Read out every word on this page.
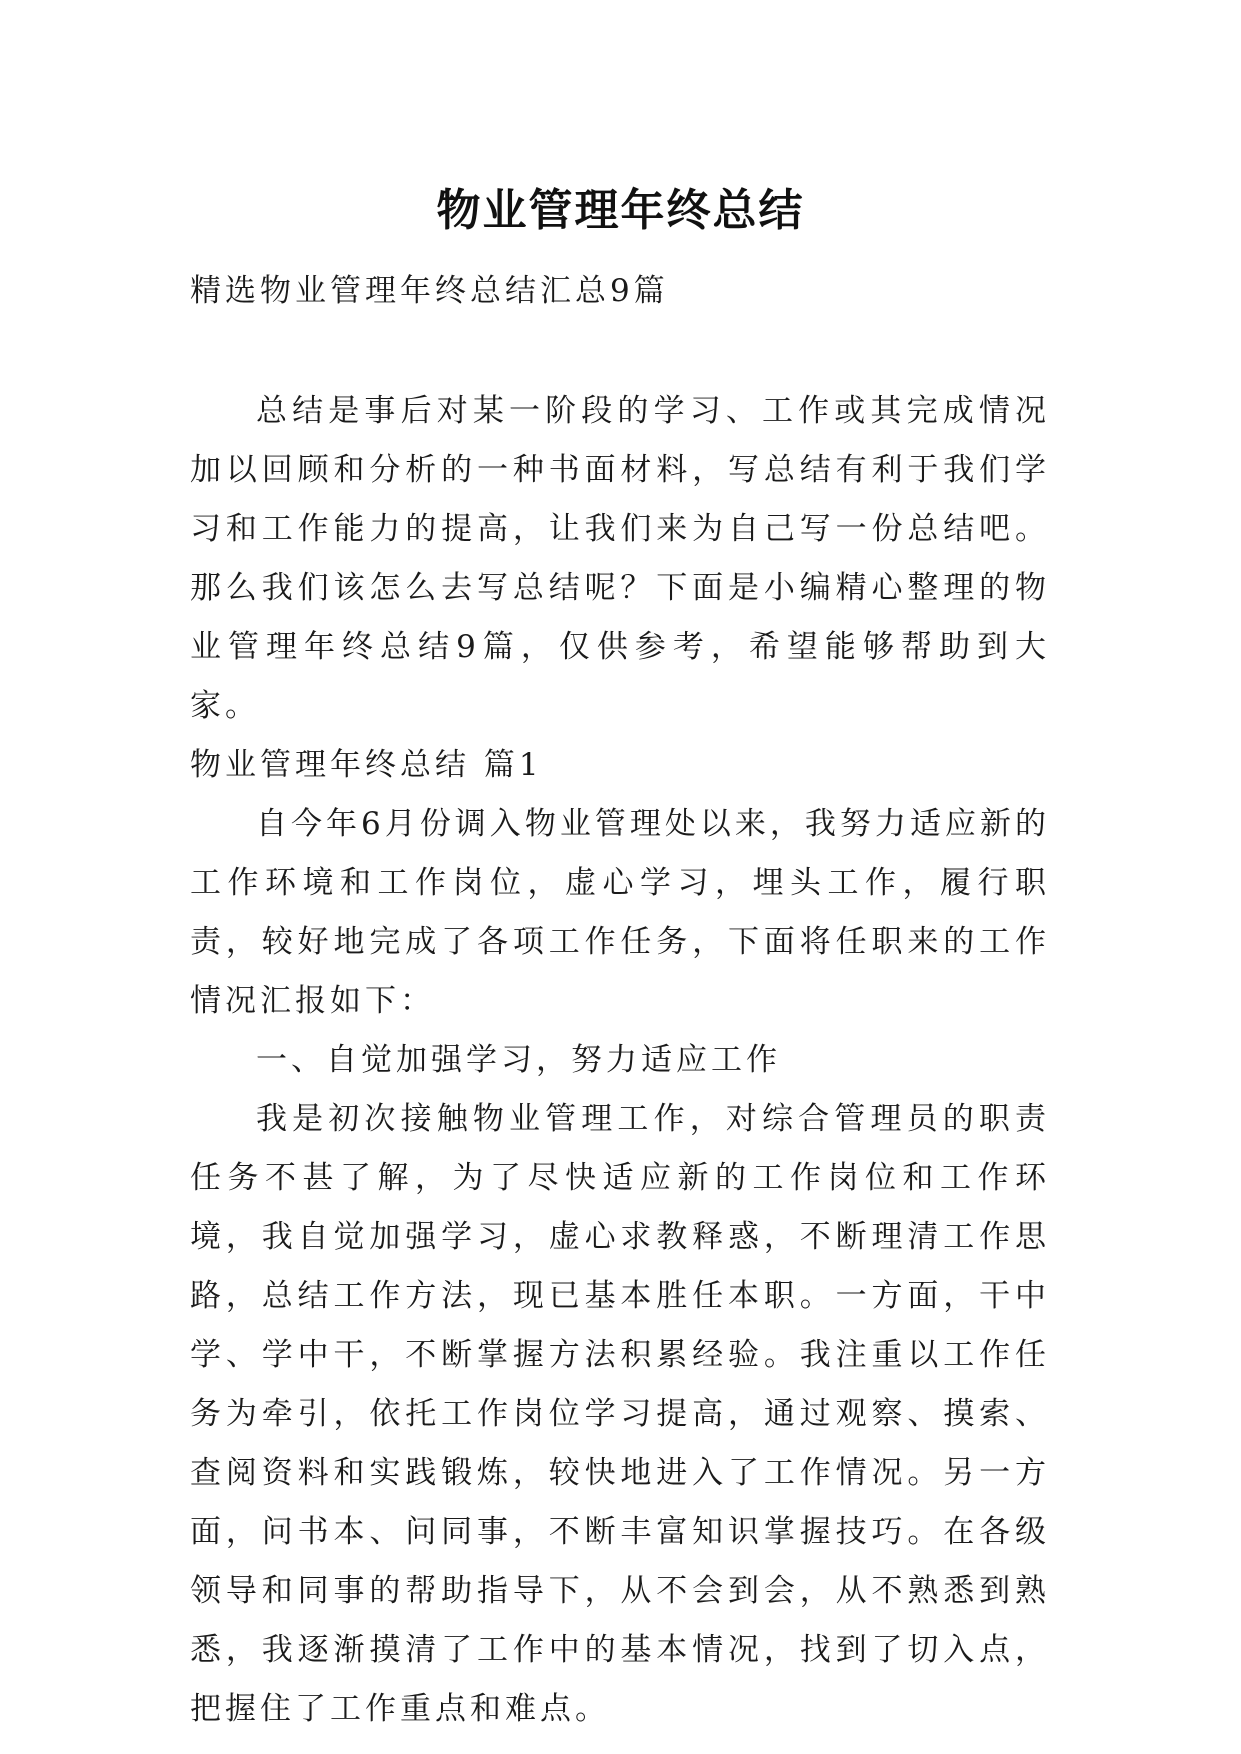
物业管理年终总结

精选物业管理年终总结汇总9篇

总结是事后对某一阶段的学习、工作或其完成情况加以回顾和分析的一种书面材料，写总结有利于我们学习和工作能力的提高，让我们来为自己写一份总结吧。那么我们该怎么去写总结呢？下面是小编精心整理的物业管理年终总结9篇，仅供参考，希望能够帮助到大家。

物业管理年终总结 篇1

自今年6月份调入物业管理处以来，我努力适应新的工作环境和工作岗位，虚心学习，埋头工作，履行职责，较好地完成了各项工作任务，下面将任职来的工作情况汇报如下：

一、自觉加强学习，努力适应工作

我是初次接触物业管理工作，对综合管理员的职责任务不甚了解，为了尽快适应新的工作岗位和工作环境，我自觉加强学习，虚心求教释惑，不断理清工作思路，总结工作方法，现已基本胜任本职。一方面，干中学、学中干，不断掌握方法积累经验。我注重以工作任务为牵引，依托工作岗位学习提高，通过观察、摸索、查阅资料和实践锻炼，较快地进入了工作情况。另一方面，问书本、问同事，不断丰富知识掌握技巧。在各级领导和同事的帮助指导下，从不会到会，从不熟悉到熟悉，我逐渐摸清了工作中的基本情况，找到了切入点，把握住了工作重点和难点。
